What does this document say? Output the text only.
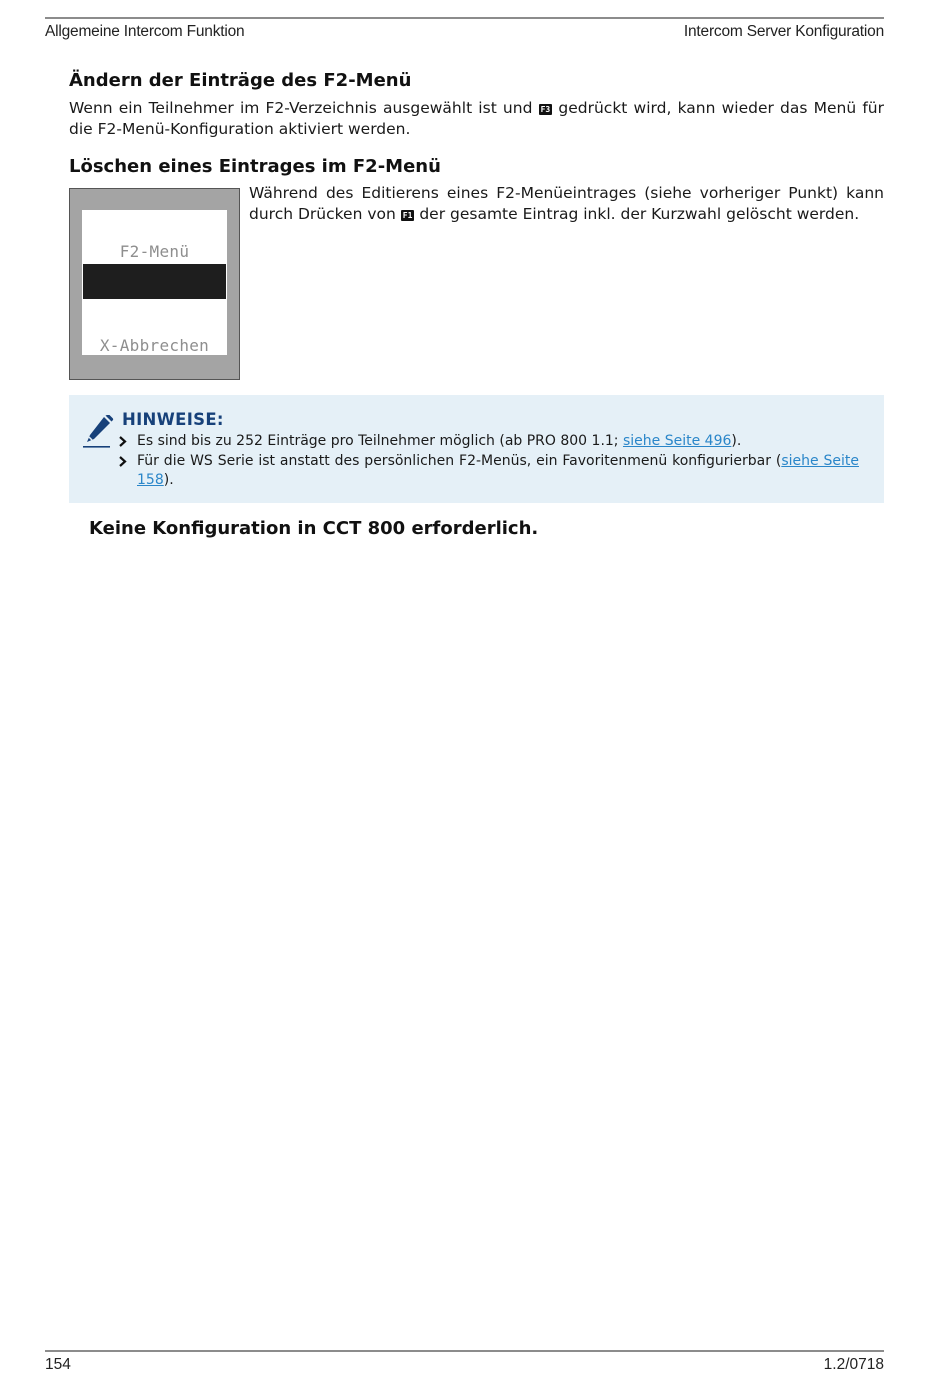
Allgemeine Intercom Funktion	Intercom Server Konfiguration
Ändern der Einträge des F2-Menü

Wenn ein Teilnehmer im F2-Verzeichnis ausgewählt ist und F3 gedrückt wird, kann wieder das Menü für die F2-Menü-Konfiguration aktiviert werden.

Löschen eines Eintrages im F2-Menü
F2-Menü
X-Abbrechen

Während des Editierens eines F2-Menüeintrages (siehe vorheriger Punkt) kann durch Drücken von F1 der gesamte Eintrag inkl. der Kurzwahl gelöscht werden.

HINWEISE:
Es sind bis zu 252 Einträge pro Teilnehmer möglich (ab PRO 800 1.1; siehe Seite 496).
Für die WS Serie ist anstatt des persönlichen F2-Menüs, ein Favoritenmenü konfigurierbar (siehe Seite 158).
Keine Konfiguration in CCT 800 erforderlich.
154	1.2/0718
